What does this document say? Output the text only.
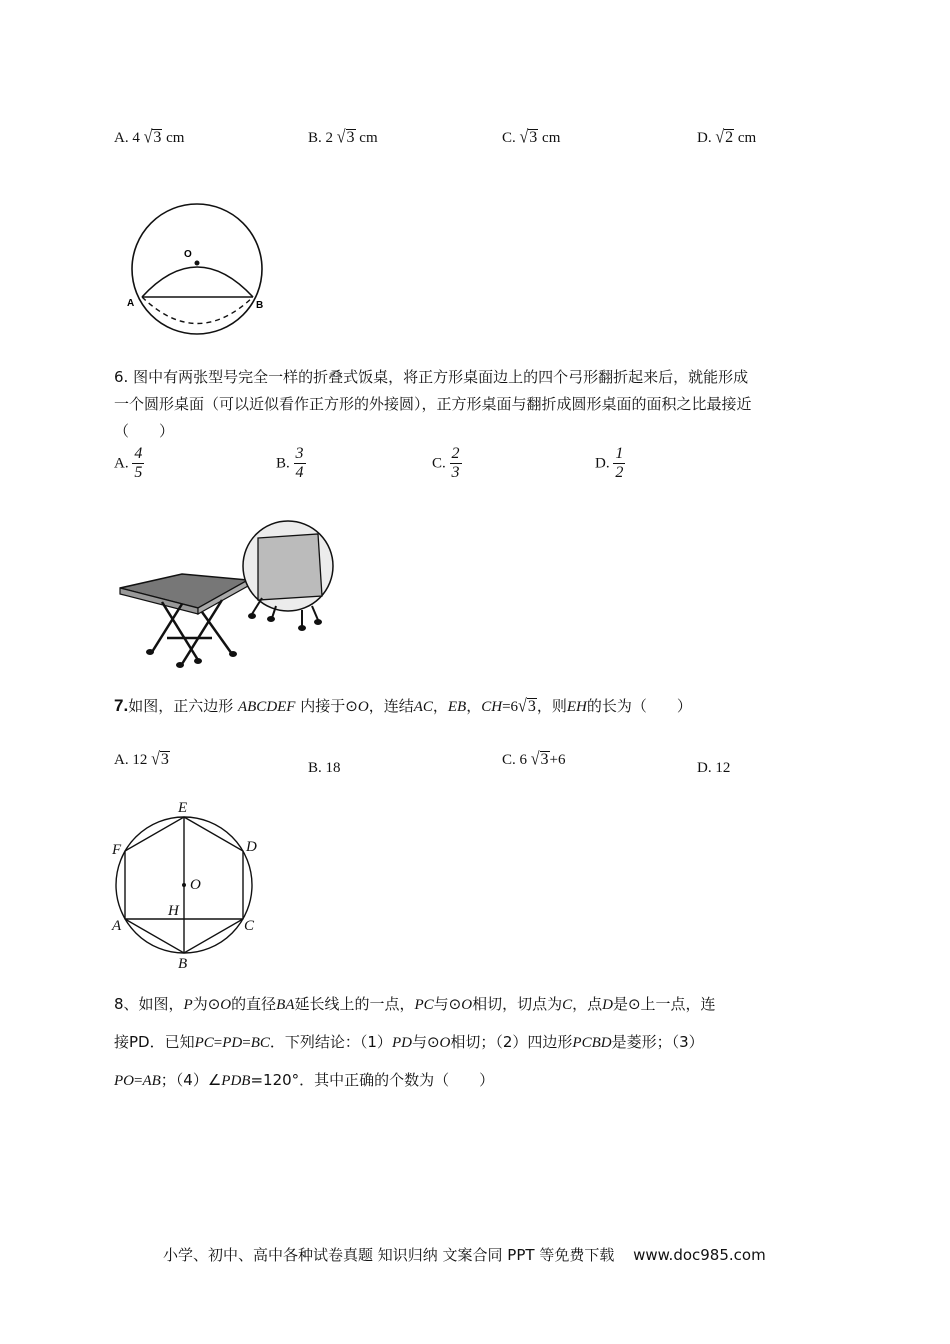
A. 4 √3 cm	B. 2 √3 cm	C. √3 cm	D. √2 cm
O
A	B
6. 图中有两张型号完全一样的折叠式饭桌，将正方形桌面边上的四个弓形翻折起来后，就能形成
一个圆形桌面（可以近似看作正方形的外接圆），正方形桌面与翻折成圆形桌面的面积之比最接近
（　　）
A. $\frac{4}{5}$	B. $\frac{3}{4}$	C. $\frac{2}{3}$	D. $\frac{1}{2}$
7.如图，正六边形 ABCDEF 内接于⊙O，连结AC，EB，CH=6√3，则EH的长为（　　）
A. 12 √3	B. 18	C. 6 √3+6	D. 12
E
F	D
O
H
A	C
B
8、如图，P为⊙O的直径BA延长线上的一点，PC与⊙O相切，切点为C，点D是⊙上一点，连
接PD．已知PC=PD=BC．下列结论：（1）PD与⊙O相切；（2）四边形PCBD是菱形；（3）
PO=AB；（4）∠PDB=120°．其中正确的个数为（　　）
小学、初中、高中各种试卷真题 知识归纳 文案合同 PPT 等免费下载 www.doc985.com
